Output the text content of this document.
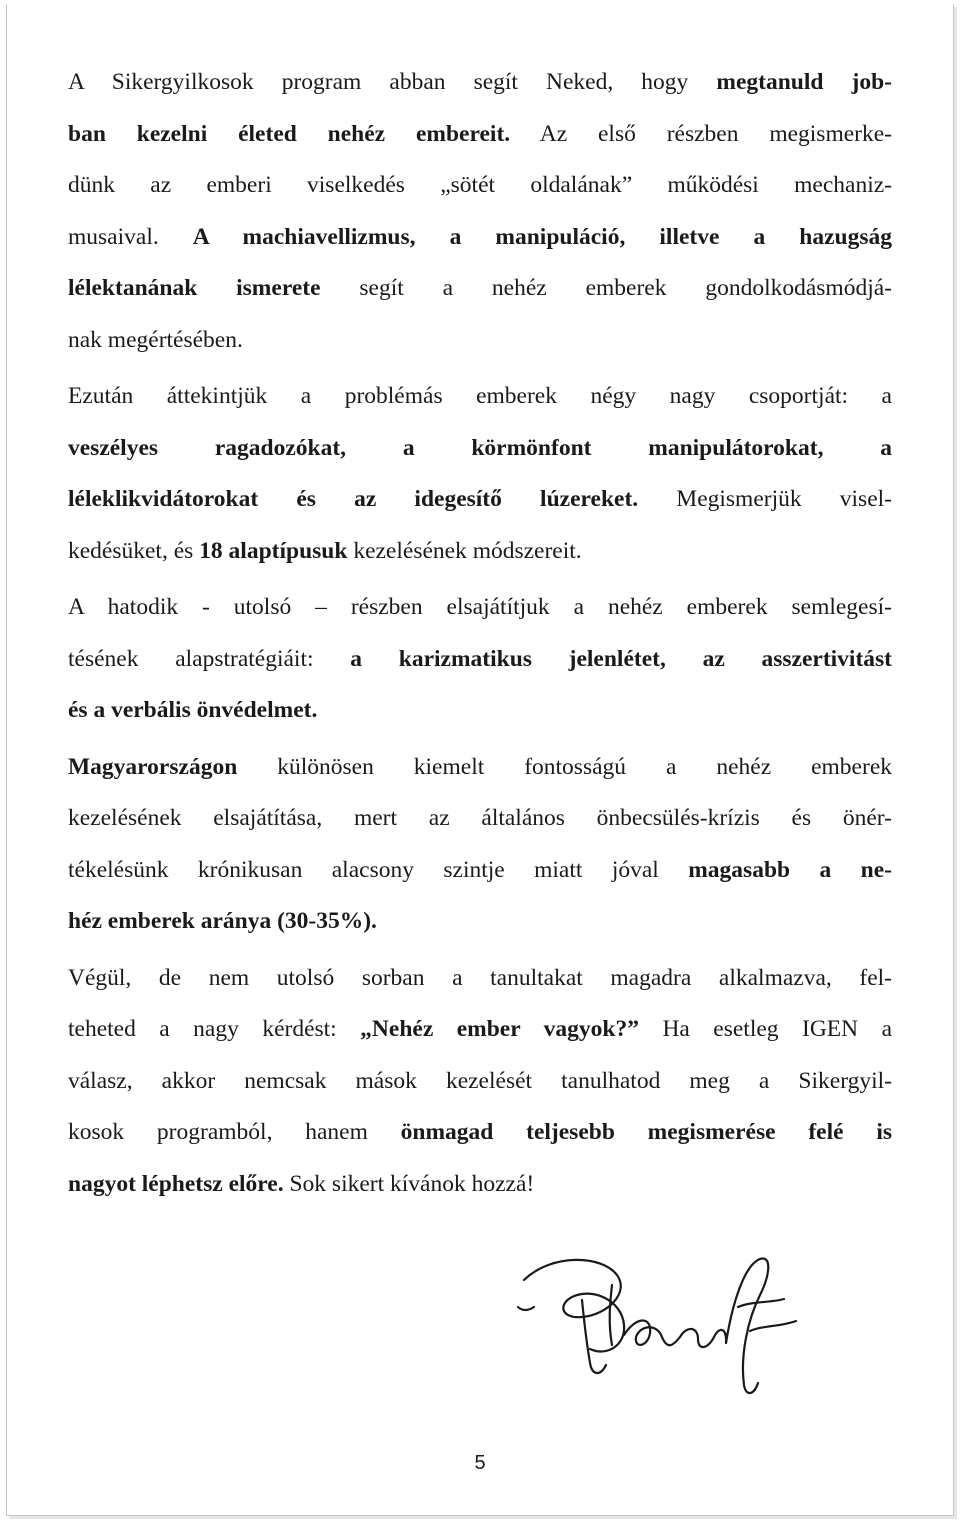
A Sikergyilkosok program abban segít Neked, hogy megtanuld job-
ban kezelni életed nehéz embereit. Az első részben megismerke-
dünk az emberi viselkedés „sötét oldalának” működési mechaniz-
musaival. A machiavellizmus, a manipuláció, illetve a hazugság
lélektanának ismerete segít a nehéz emberek gondolkodásmódjá-
nak megértésében.
Ezután áttekintjük a problémás emberek négy nagy csoportját: a
veszélyes ragadozókat, a körmönfont manipulátorokat, a
léleklikvidátorokat és az idegesítő lúzereket. Megismerjük visel-
kedésüket, és 18 alaptípusuk kezelésének módszereit.
A hatodik - utolsó – részben elsajátítjuk a nehéz emberek semlegesí-
tésének alapstratégiáit: a karizmatikus jelenlétet, az asszertivitást
és a verbális önvédelmet.
Magyarországon különösen kiemelt fontosságú a nehéz emberek
kezelésének elsajátítása, mert az általános önbecsülés-krízis és önér-
tékelésünk krónikusan alacsony szintje miatt jóval magasabb a ne-
héz emberek aránya (30-35%).
Végül, de nem utolsó sorban a tanultakat magadra alkalmazva, fel-
teheted a nagy kérdést: „Nehéz ember vagyok?” Ha esetleg IGEN a
válasz, akkor nemcsak mások kezelését tanulhatod meg a Sikergyil-
kosok programból, hanem önmagad teljesebb megismerése felé is
nagyot léphetsz előre. Sok sikert kívánok hozzá!
5
